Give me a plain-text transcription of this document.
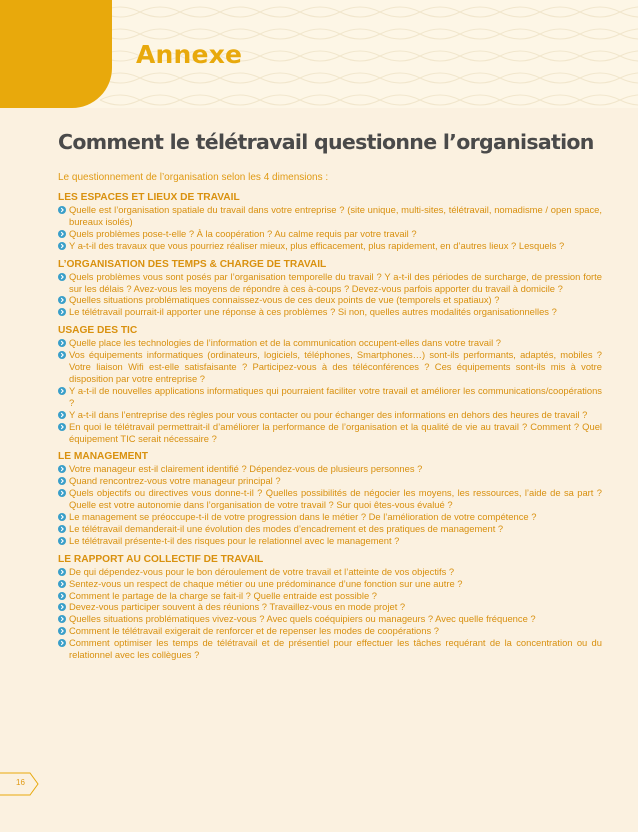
Annexe
Comment le télétravail questionne l’organisation

Le questionnement de l’organisation selon les 4 dimensions :

LES ESPACES ET LIEUX DE TRAVAIL
Quelle est l’organisation spatiale du travail dans votre entreprise ? (site unique, multi-sites, télétravail, nomadisme / open space, bureaux isolés)
Quels problèmes pose-t-elle ? À la coopération ? Au calme requis par votre travail ?
Y a-t-il des travaux que vous pourriez réaliser mieux, plus efficacement, plus rapidement, en d’autres lieux ? Lesquels ?
L’ORGANISATION DES TEMPS & CHARGE DE TRAVAIL
Quels problèmes vous sont posés par l’organisation temporelle du travail ? Y a-t-il des périodes de surcharge, de pression forte sur les délais ? Avez-vous les moyens de répondre à ces à-coups ? Devez-vous parfois apporter du travail à domicile ?
Quelles situations problématiques connaissez-vous de ces deux points de vue (temporels et spatiaux) ?
Le télétravail pourrait-il apporter une réponse à ces problèmes ? Si non, quelles autres modalités organisationnelles ?
USAGE DES TIC
Quelle place les technologies de l’information et de la communication occupent-elles dans votre travail ?
Vos équipements informatiques (ordinateurs, logiciels, téléphones, Smartphones…) sont-ils performants, adaptés, mobiles ? Votre liaison Wifi est-elle satisfaisante ? Participez-vous à des téléconférences ? Ces équipements sont-ils mis à votre disposition par votre entreprise ?
Y a-t-il de nouvelles applications informatiques qui pourraient faciliter votre travail et améliorer les communications/coopérations ?
Y a-t-il dans l’entreprise des règles pour vous contacter ou pour échanger des informations en dehors des heures de travail ?
En quoi le télétravail permettrait-il d’améliorer la performance de l’organisation et la qualité de vie au travail ? Comment ? Quel équipement TIC serait nécessaire ?
LE MANAGEMENT
Votre manageur est-il clairement identifié ? Dépendez-vous de plusieurs personnes ?
Quand rencontrez-vous votre manageur principal ?
Quels objectifs ou directives vous donne-t-il ? Quelles possibilités de négocier les moyens, les ressources, l’aide de sa part ? Quelle est votre autonomie dans l’organisation de votre travail ? Sur quoi êtes-vous évalué ?
Le management se préoccupe-t-il de votre progression dans le métier ? De l’amélioration de votre compétence ?
Le télétravail demanderait-il une évolution des modes d’encadrement et des pratiques de management ?
Le télétravail présente-t-il des risques pour le relationnel avec le management ?
LE RAPPORT AU COLLECTIF DE TRAVAIL
De qui dépendez-vous pour le bon déroulement de votre travail et l’atteinte de vos objectifs ?
Sentez-vous un respect de chaque métier ou une prédominance d’une fonction sur une autre ?
Comment le partage de la charge se fait-il ? Quelle entraide est possible ?
Devez-vous participer souvent à des réunions ? Travaillez-vous en mode projet ?
Quelles situations problématiques vivez-vous ? Avec quels coéquipiers ou manageurs ? Avec quelle fréquence ?
Comment le télétravail exigerait de renforcer et de repenser les modes de coopérations ?
Comment optimiser les temps de télétravail et de présentiel pour effectuer les tâches requérant de la concentration ou du relationnel avec les collègues ?
16
